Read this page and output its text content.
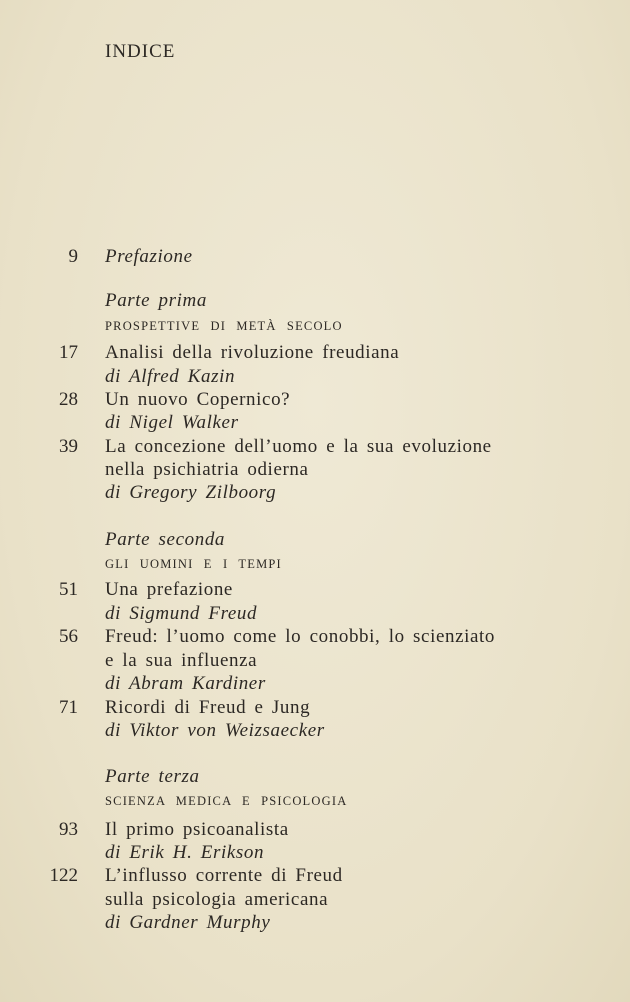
INDICE
9 Prefazione
Parte prima
PROSPETTIVE DI METÀ SECOLO
17 Analisi della rivoluzione freudiana
di Alfred Kazin
28 Un nuovo Copernico?
di Nigel Walker
39 La concezione dell’uomo e la sua evoluzione
nella psichiatria odierna
di Gregory Zilboorg
Parte seconda
GLI UOMINI E I TEMPI
51 Una prefazione
di Sigmund Freud
56 Freud: l’uomo come lo conobbi, lo scienziato
e la sua influenza
di Abram Kardiner
71 Ricordi di Freud e Jung
di Viktor von Weizsaecker
Parte terza
SCIENZA MEDICA E PSICOLOGIA
93 Il primo psicoanalista
di Erik H. Erikson
122 L’influsso corrente di Freud
sulla psicologia americana
di Gardner Murphy
